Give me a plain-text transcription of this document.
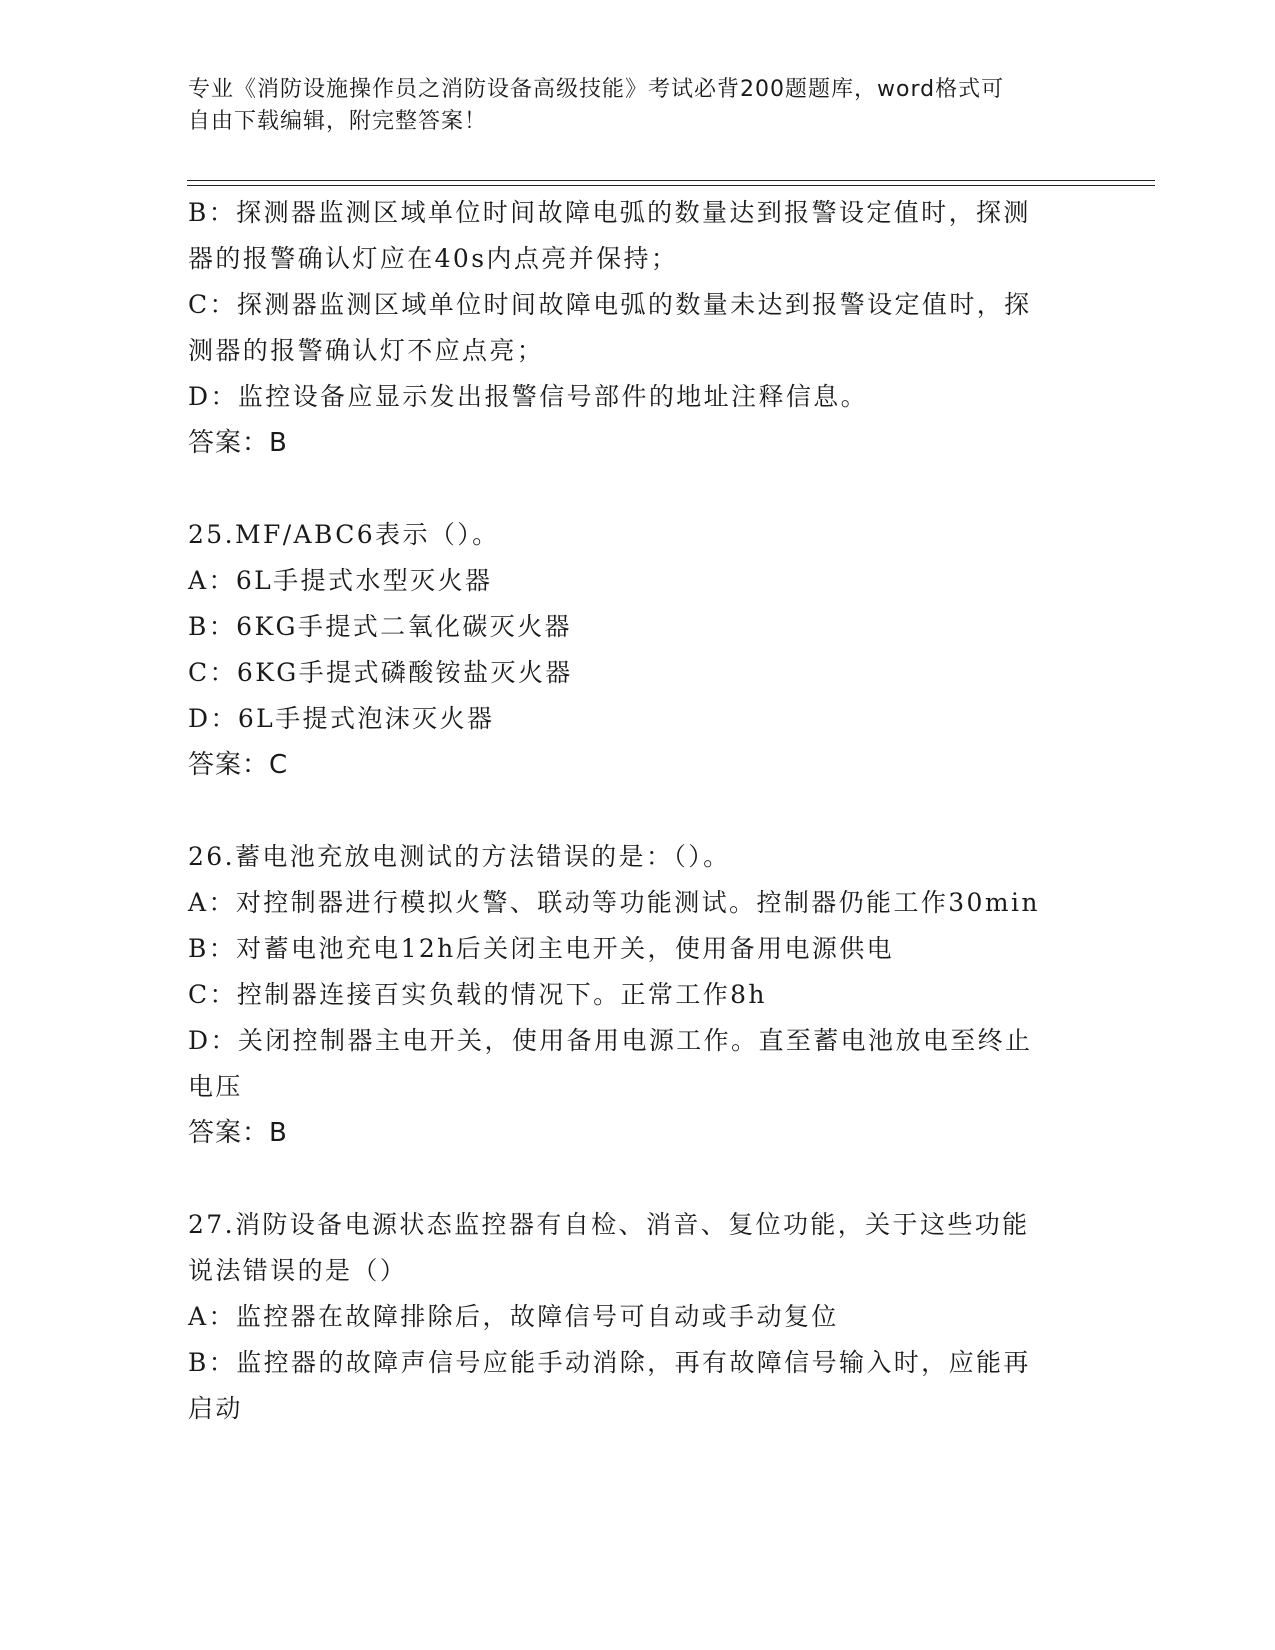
专业《消防设施操作员之消防设备高级技能》考试必背200题题库，word格式可
自由下载编辑，附完整答案！
B：探测器监测区域单位时间故障电弧的数量达到报警设定值时，探测
器的报警确认灯应在40s内点亮并保持；
C：探测器监测区域单位时间故障电弧的数量未达到报警设定值时，探
测器的报警确认灯不应点亮；
D：监控设备应显示发出报警信号部件的地址注释信息。
答案：B
25.MF/ABC6表示（）。
A：6L手提式水型灭火器
B：6KG手提式二氧化碳灭火器
C：6KG手提式磷酸铵盐灭火器
D：6L手提式泡沫灭火器
答案：C
26.蓄电池充放电测试的方法错误的是：（）。
A：对控制器进行模拟火警、联动等功能测试。控制器仍能工作30min
B：对蓄电池充电12h后关闭主电开关，使用备用电源供电
C：控制器连接百实负载的情况下。正常工作8h
D：关闭控制器主电开关，使用备用电源工作。直至蓄电池放电至终止
电压
答案：B
27.消防设备电源状态监控器有自检、消音、复位功能，关于这些功能
说法错误的是（）
A：监控器在故障排除后，故障信号可自动或手动复位
B：监控器的故障声信号应能手动消除，再有故障信号输入时，应能再
启动
